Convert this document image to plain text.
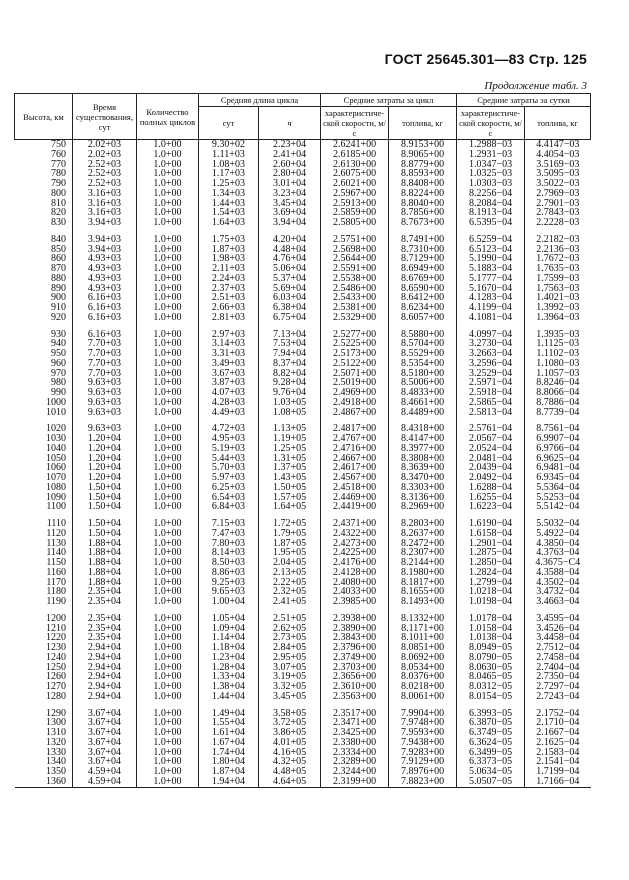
ГОСТ 25645.301—83 Стр. 125
Продолжение табл. 3
Высота, км	Время существования, сут	Количество полных циклов	Средняя длина цикла		Средние затраты за цикл		Средние затраты за сутки	
			сут	ч	характеристической скорости, м/с	топлива, кг	характеристической скорости, м/с	топлива, кг
750	2.02+03	1.0+00	9.30+02	2.23+04	2.6241+00	8.9153+00	1.2988−03	4.4147−03
760	2.02+03	1.0+00	1.11+03	2.41+04	2.6185+00	8.9065+00	1.2931−03	4.4054−03
770	2.52+03	1.0+00	1.08+03	2.60+04	2.6130+00	8.8779+00	1.0347−03	3.5169−03
780	2.52+03	1.0+00	1.17+03	2.80+04	2.6075+00	8.8593+00	1.0325−03	3.5095−03
790	2.52+03	1.0+00	1.25+03	3.01+04	2.6021+00	8.8408+00	1.0303−03	3.5022−03
800	3.16+03	1.0+00	1.34+03	3.23+04	2.5967+00	8.8224+00	8.2256−04	2.7969−03
810	3.16+03	1.0+00	1.44+03	3.45+04	2.5913+00	8.8040+00	8.2084−04	2.7901−03
820	3.16+03	1.0+00	1.54+03	3.69+04	2.5859+00	8.7856+00	8.1913−04	2.7843−03
830	3.94+03	1.0+00	1.64+03	3.94+04	2.5805+00	8.7673+00	6.5395−04	2.2228−03

840	3.94+03	1.0+00	1.75+03	4.20+04	2.5751+00	8.7491+00	6.5259−04	2.2182−03
850	3.94+03	1.0+00	1.87+03	4.48+04	2.5698+00	8.7310+00	6.5123−04	2.2136−03
860	4.93+03	1.0+00	1.98+03	4.76+04	2.5644+00	8.7129+00	5.1990−04	1.7672−03
870	4.93+03	1.0+00	2.11+03	5.06+04	2.5591+00	8.6949+00	5.1883−04	1.7635−03
880	4.93+03	1.0+00	2.24+03	5.37+04	2.5538+00	8.6769+00	5.1777−04	1.7599−03
890	4.93+03	1.0+00	2.37+03	5.69+04	2.5486+00	8.6590+00	5.1670−04	1.7563−03
900	6.16+03	1.0+00	2.51+03	6.03+04	2.5433+00	8.6412+00	4.1283−04	1.4021−03
910	6.16+03	1.0+00	2.66+03	6.38+04	2.5381+00	8.6234+00	4.1199−04	1.3992−03
920	6.16+03	1.0+00	2.81+03	6.75+04	2.5329+00	8.6057+00	4.1081−04	1.3964−03

930	6.16+03	1.0+00	2.97+03	7.13+04	2.5277+00	8.5880+00	4.0997−04	1.3935−03
940	7.70+03	1.0+00	3.14+03	7.53+04	2.5225+00	8.5704+00	3.2730−04	1.1125−03
950	7.70+03	1.0+00	3.31+03	7.94+04	2.5173+00	8.5529+00	3.2663−04	1.1102−03
960	7.70+03	1.0+00	3.49+03	8.37+04	2.5122+00	8.5354+00	3.2596−04	1.1080−03
970	7.70+03	1.0+00	3.67+03	8.82+04	2.5071+00	8.5180+00	3.2529−04	1.1057−03
980	9.63+03	1.0+00	3.87+03	9.28+04	2.5019+00	8.5006+00	2.5971−04	8.8246−04
990	9.63+03	1.0+00	4.07+03	9.76+04	2.4969+00	8.4833+00	2.5918−04	8.8066−04
1000	9.63+03	1.0+00	4.28+03	1.03+05	2.4918+00	8.4661+00	2.5865−04	8.7886−04
1010	9.63+03	1.0+00	4.49+03	1.08+05	2.4867+00	8.4489+00	2.5813−04	8.7739−04

1020	9.63+03	1.0+00	4.72+03	1.13+05	2.4817+00	8.4318+00	2.5761−04	8.7561−04
1030	1.20+04	1.0+00	4.95+03	1.19+05	2.4767+00	8.4147+00	2.0567−04	6.9907−04
1040	1.20+04	1.0+00	5.19+03	1.25+05	2.4716+00	8.3977+00	2.0524−04	6.9766−04
1050	1.20+04	1.0+00	5.44+03	1.31+05	2.4667+00	8.3808+00	2.0481−04	6.9625−04
1060	1.20+04	1.0+00	5.70+03	1.37+05	2.4617+00	8.3639+00	2.0439−04	6.9481−04
1070	1.20+04	1.0+00	5.97+03	1.43+05	2.4567+00	8.3470+00	2.0492−04	6.9345−04
1080	1.50+04	1.0+00	6.25+03	1.50+05	2.4518+00	8.3303+00	1.6288−04	5.5364−04
1090	1.50+04	1.0+00	6.54+03	1.57+05	2.4469+00	8.3136+00	1.6255−04	5.5253−04
1100	1.50+04	1.0+00	6.84+03	1.64+05	2.4419+00	8.2969+00	1.6223−04	5.5142−04

1110	1.50+04	1.0+00	7.15+03	1.72+05	2.4371+00	8.2803+00	1.6190−04	5.5032−04
1120	1.50+04	1.0+00	7.47+03	1.79+05	2.4322+00	8.2637+00	1.6158−04	5.4922−04
1130	1.88+04	1.0+00	7.80+03	1.87+05	2.4273+00	8.2472+00	1.2901−04	4.3850−04
1140	1.88+04	1.0+00	8.14+03	1.95+05	2.4225+00	8.2307+00	1.2875−04	4.3763−04
1150	1.88+04	1.0+00	8.50+03	2.04+05	2.4176+00	8.2144+00	1.2850−04	4.3675−С4
1160	1.88+04	1.0+00	8.86+03	2.13+05	2.4128+00	8.1980+00	1.2824−04	4.3588−04
1170	1.88+04	1.0+00	9.25+03	2.22+05	2.4080+00	8.1817+00	1.2799−04	4.3502−04
1180	2.35+04	1.0+00	9.65+03	2.32+05	2.4033+00	8.1655+00	1.0218−04	3.4732−04
1190	2.35+04	1.0+00	1.00+04	2.41+05	2.3985+00	8.1493+00	1.0198−04	3.4663−04

1200	2.35+04	1.0+00	1.05+04	2.51+05	2.3938+00	8.1332+00	1.0178−04	3.4595−04
1210	2.35+04	1.0+00	1.09+04	2.62+05	2.3890+00	8.1171+00	1.0158−04	3.4526−04
1220	2.35+04	1.0+00	1.14+04	2.73+05	2.3843+00	8.1011+00	1.0138−04	3.4458−04
1230	2.94+04	1.0+00	1.18+04	2.84+05	2.3796+00	8.0851+00	8.0949−05	2.7512−04
1240	2.94+04	1.0+00	1.23+04	2.95+05	2.3749+00	8.0692+00	8.0790−05	2.7458−04
1250	2.94+04	1.0+00	1.28+04	3.07+05	2.3703+00	8.0534+00	8.0630−05	2.7404−04
1260	2.94+04	1.0+00	1.33+04	3.19+05	2.3656+00	8.0376+00	8.0465−05	2.7350−04
1270	2.94+04	1.0+00	1.38+04	3.32+05	2.3610+00	8.0218+00	8.0312−05	2.7297−04
1280	2.94+04	1.0+00	1.44+04	3.45+05	2.3563+00	8.0061+00	8.0154−05	2.7243−04

1290	3.67+04	1.0+00	1.49+04	3.58+05	2.3517+00	7.9904+00	6.3993−05	2.1752−04
1300	3.67+04	1.0+00	1.55+04	3.72+05	2.3471+00	7.9748+00	6.3870−05	2.1710−04
1310	3.67+04	1.0+00	1.61+04	3.86+05	2.3425+00	7.9593+00	6.3749−05	2.1667−04
1320	3.67+04	1.0+00	1.67+04	4.01+05	2.3380+00	7.9438+00	6.3624−05	2.1625−04
1330	3.67+04	1.0+00	1.74+04	4.16+05	2.3334+00	7.9283+00	6.3499−05	2.1583−04
1340	3.67+04	1.0+00	1.80+04	4.32+05	2.3289+00	7.9129+00	6.3373−05	2.1541−04
1350	4.59+04	1.0+00	1.87+04	4.48+05	2.3244+00	7.8976+00	5.0634−05	1.7199−04
1360	4.59+04	1.0+00	1.94+04	4.64+05	2.3199+00	7.8823+00	5.0507−05	1.7166−04
